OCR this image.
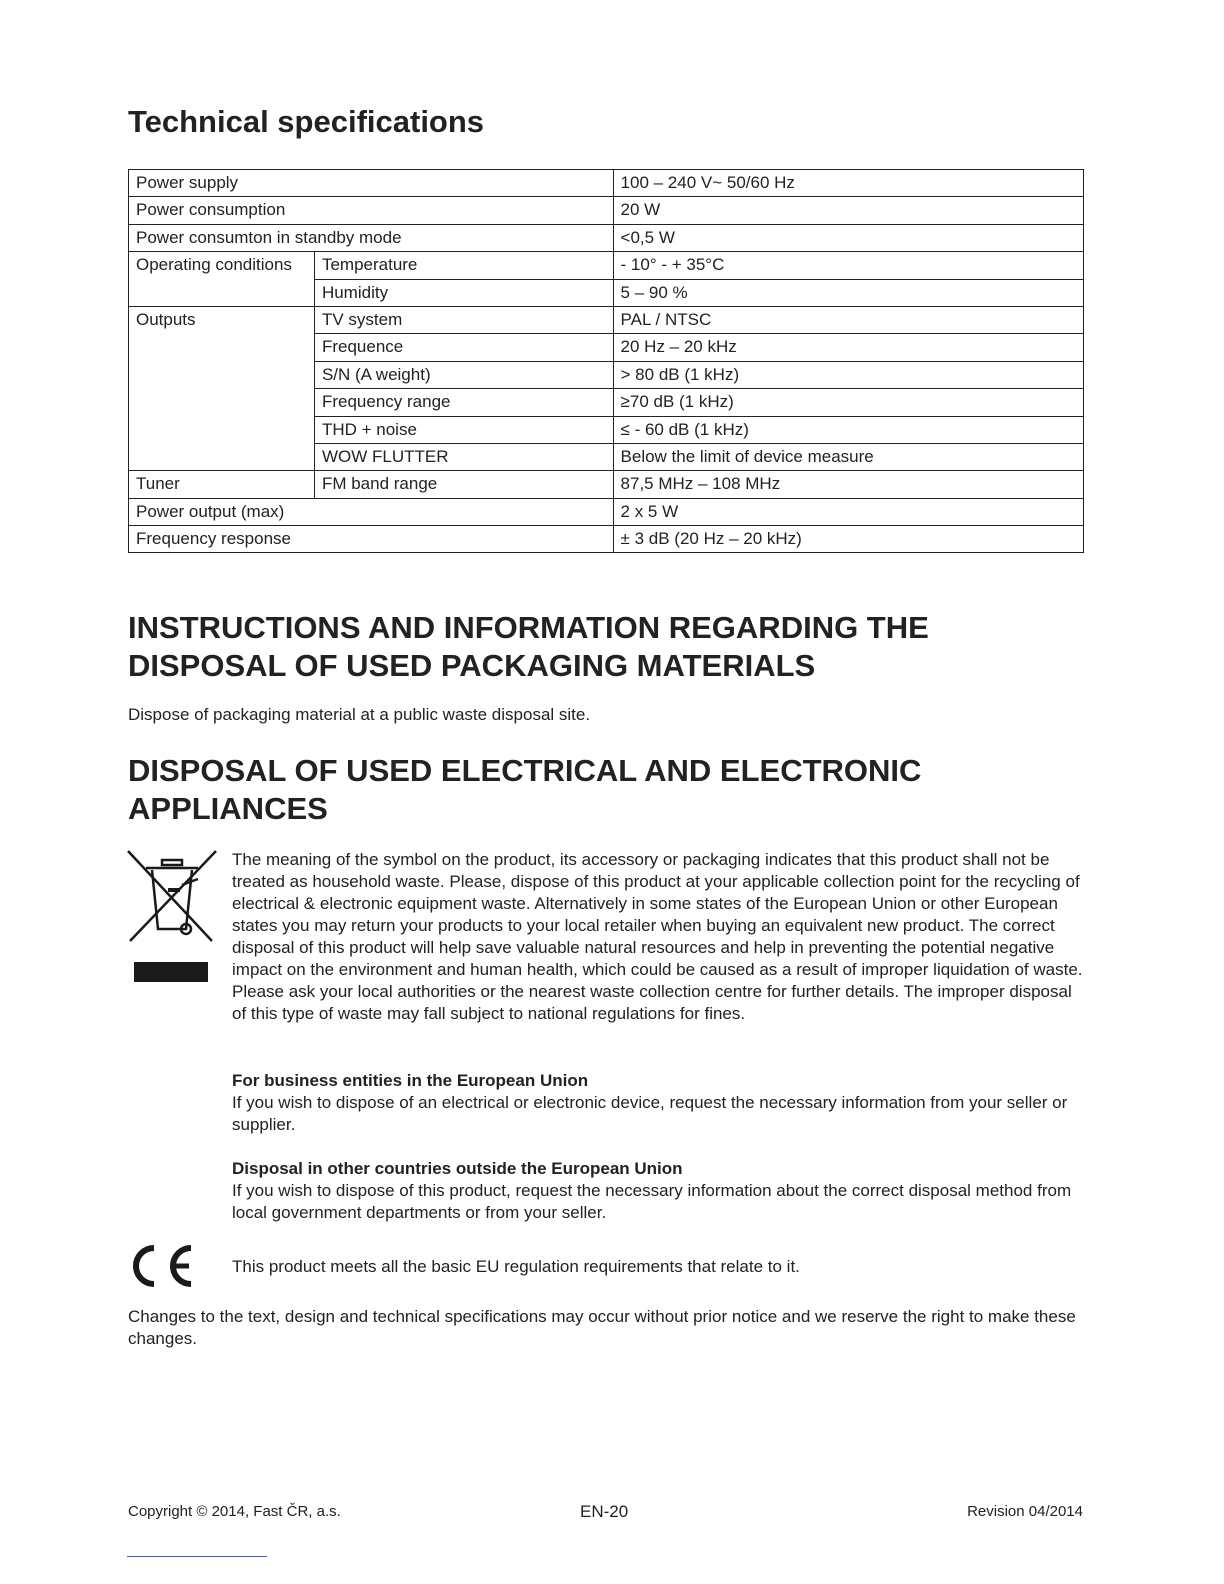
Technical specifications
Power supply		100 – 240 V~ 50/60 Hz
Power consumption		20 W
Power consumton in standby mode		<0,5 W
Operating conditions	Temperature	- 10° - + 35°C
	Humidity	5 – 90 %
Outputs	TV system	PAL / NTSC
	Frequence	20 Hz – 20 kHz
	S/N (A weight)	> 80 dB (1 kHz)
	Frequency range	≥70 dB (1 kHz)
	THD + noise	≤ - 60 dB (1 kHz)
	WOW FLUTTER	Below the limit of device measure
Tuner	FM band range	87,5 MHz – 108 MHz
Power output (max)		2 x 5 W
Frequency response		± 3 dB (20 Hz – 20 kHz)
INSTRUCTIONS AND INFORMATION REGARDING THE
DISPOSAL OF USED PACKAGING MATERIALS

Dispose of packaging material at a public waste disposal site.

DISPOSAL OF USED ELECTRICAL AND ELECTRONIC
APPLIANCES

The meaning of the symbol on the product, its accessory or packaging indicates that this product shall not be treated as household waste. Please, dispose of this product at your applicable collection point for the recycling of electrical & electronic equipment waste. Alternatively in some states of the European Union or other European states you may return your products to your local retailer when buying an equivalent new product. The correct disposal of this product will help save valuable natural resources and help in preventing the potential negative impact on the environment and human health, which could be caused as a result of improper liquidation of waste. Please ask your local authorities or the nearest waste collection centre for further details. The improper disposal of this type of waste may fall subject to national regulations for fines.

For business entities in the European Union

If you wish to dispose of an electrical or electronic device, request the necessary information from your seller or supplier.

Disposal in other countries outside the European Union

If you wish to dispose of this product, request the necessary information about the correct disposal method from local government departments or from your seller.

This product meets all the basic EU regulation requirements that relate to it.

Changes to the text, design and technical specifications may occur without prior notice and we reserve the right to make these changes.

Copyright © 2014, Fast ČR, a.s.	EN-20	Revision 04/2014
